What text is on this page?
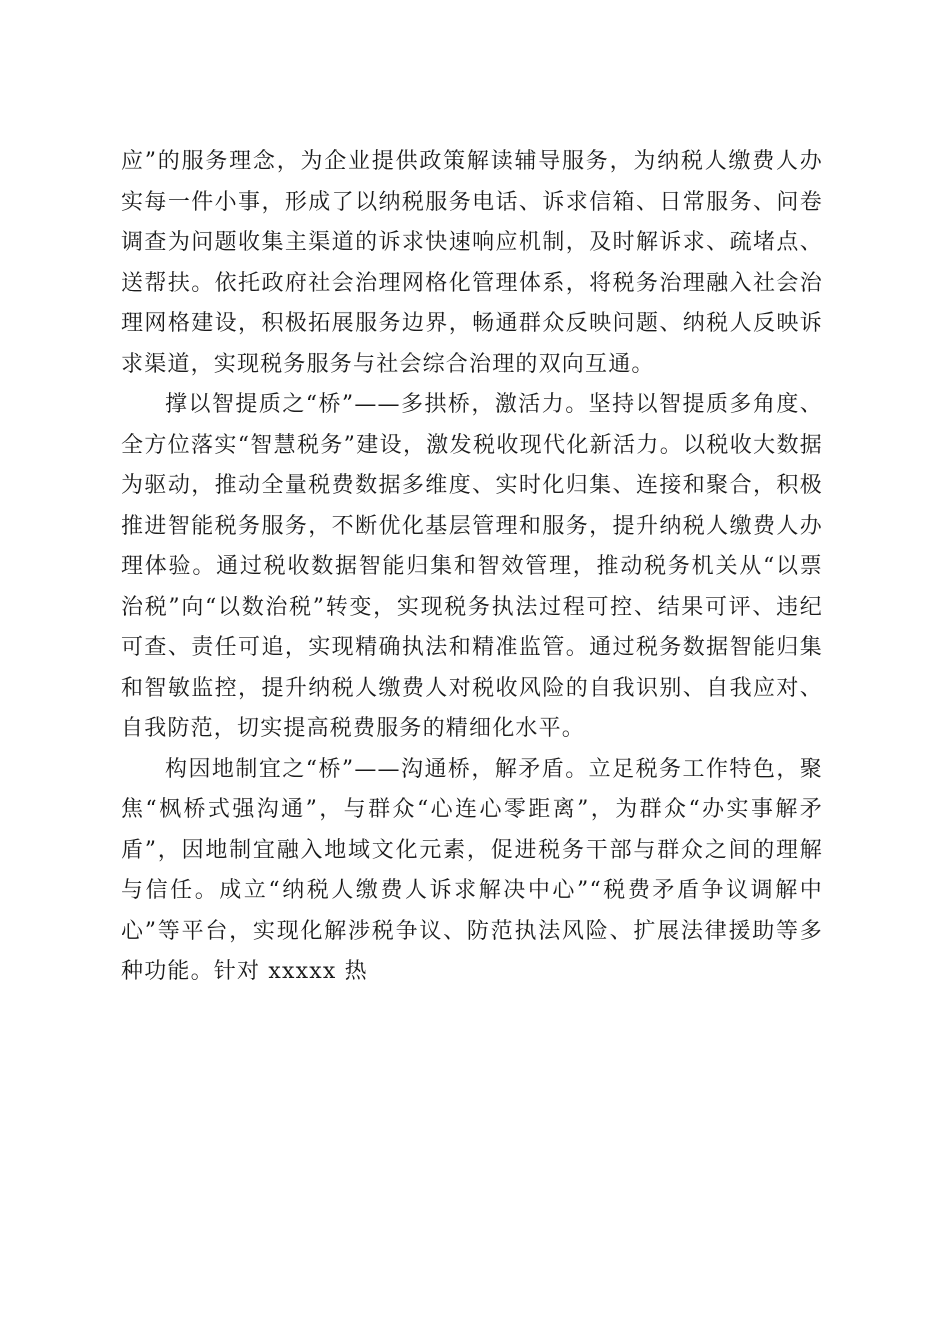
应”的服务理念，为企业提供政策解读辅导服务，为纳税人缴费人办实每一件小事，形成了以纳税服务电话、诉求信箱、日常服务、问卷调查为问题收集主渠道的诉求快速响应机制，及时解诉求、疏堵点、送帮扶。依托政府社会治理网格化管理体系，将税务治理融入社会治理网格建设，积极拓展服务边界，畅通群众反映问题、纳税人反映诉求渠道，实现税务服务与社会综合治理的双向互通。

撑以智提质之“桥”——多拱桥，激活力。坚持以智提质多角度、全方位落实“智慧税务”建设，激发税收现代化新活力。以税收大数据为驱动，推动全量税费数据多维度、实时化归集、连接和聚合，积极推进智能税务服务，不断优化基层管理和服务，提升纳税人缴费人办理体验。通过税收数据智能归集和智效管理，推动税务机关从“以票治税”向“以数治税”转变，实现税务执法过程可控、结果可评、违纪可查、责任可追，实现精确执法和精准监管。通过税务数据智能归集和智敏监控，提升纳税人缴费人对税收风险的自我识别、自我应对、自我防范，切实提高税费服务的精细化水平。

构因地制宜之“桥”——沟通桥，解矛盾。立足税务工作特色，聚焦“枫桥式强沟通”，与群众“心连心零距离”，为群众“办实事解矛盾”，因地制宜融入地域文化元素，促进税务干部与群众之间的理解与信任。成立“纳税人缴费人诉求解决中心”“税费矛盾争议调解中心”等平台，实现化解涉税争议、防范执法风险、扩展法律援助等多种功能。针对 xxxxx 热
